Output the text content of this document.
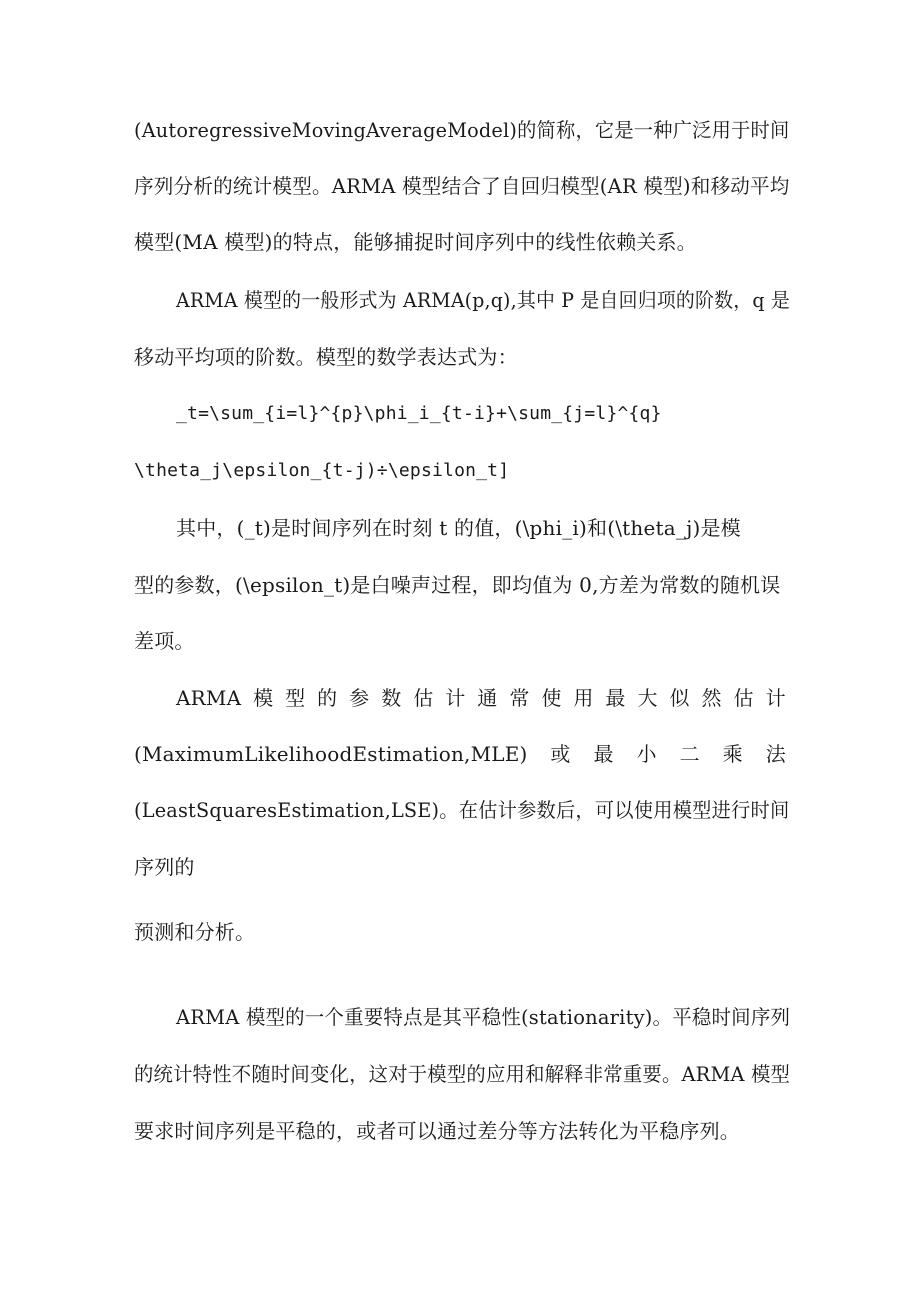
(AutoregressiveMovingAverageModel)的简称，它是一种广泛用于时间
序列分析的统计模型。ARMA 模型结合了自回归模型(AR 模型)和移动平均
模型(MA 模型)的特点，能够捕捉时间序列中的线性依赖关系。
ARMA 模型的一般形式为 ARMA(p,q),其中 P 是自回归项的阶数，q 是
移动平均项的阶数。模型的数学表达式为：
_t=\sum_{i=l}^{p}\phi_i_{t-i}+\sum_{j=l}^{q}
\theta_j\epsilon_{t-j)÷\epsilon_t]
其中，(_t)是时间序列在时刻 t 的值，(\phi_i)和(\theta_j)是模
型的参数，(\epsilon_t)是白噪声过程，即均值为 0,方差为常数的随机误
差项。
ARMA 模 型 的 参 数 估 计 通 常 使 用 最 大 似 然 估 计
(MaximumLikelihoodEstimation,MLE) 或 最 小 二 乘 法
(LeastSquaresEstimation,LSE)。在估计参数后，可以使用模型进行时间
序列的
预测和分析。
ARMA 模型的一个重要特点是其平稳性(stationarity)。平稳时间序列
的统计特性不随时间变化，这对于模型的应用和解释非常重要。ARMA 模型
要求时间序列是平稳的，或者可以通过差分等方法转化为平稳序列。
